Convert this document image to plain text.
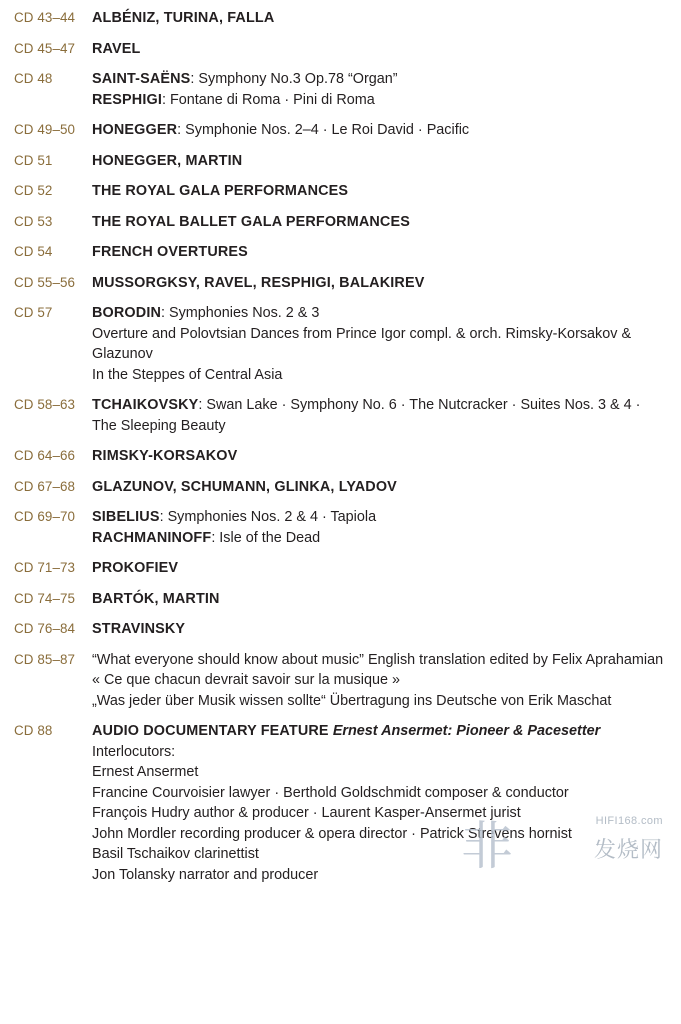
CD 43–44	ALBÉNIZ, TURINA, FALLA
CD 45–47	RAVEL
CD 48	SAINT-SAËNS: Symphony No.3 Op.78 “Organ”
RESPHIGI: Fontane di Roma · Pini di Roma
CD 49–50	HONEGGER: Symphonie Nos. 2–4 · Le Roi David · Pacific
CD 51	HONEGGER, MARTIN
CD 52	THE ROYAL GALA PERFORMANCES
CD 53	THE ROYAL BALLET GALA PERFORMANCES
CD 54	FRENCH OVERTURES
CD 55–56	MUSSORGKSY, RAVEL, RESPHIGI, BALAKIREV
CD 57	BORODIN: Symphonies Nos. 2 & 3
Overture and Polovtsian Dances from Prince Igor compl. & orch. Rimsky-Korsakov & Glazunov
In the Steppes of Central Asia
CD 58–63	TCHAIKOVSKY: Swan Lake · Symphony No. 6 · The Nutcracker · Suites Nos. 3 & 4 · The Sleeping Beauty
CD 64–66	RIMSKY-KORSAKOV
CD 67–68	GLAZUNOV, SCHUMANN, GLINKA, LYADOV
CD 69–70	SIBELIUS: Symphonies Nos. 2 & 4 · Tapiola
RACHMANINOFF: Isle of the Dead
CD 71–73	PROKOFIEV
CD 74–75	BARTÓK, MARTIN
CD 76–84	STRAVINSKY
CD 85–87	“What everyone should know about music” English translation edited by Felix Aprahamian
« Ce que chacun devrait savoir sur la musique »
„Was jeder über Musik wissen sollte“ Übertragung ins Deutsche von Erik Maschat
CD 88	AUDIO DOCUMENTARY FEATURE Ernest Ansermet: Pioneer & Pacesetter
Interlocutors:
Ernest Ansermet
Francine Courvoisier lawyer · Berthold Goldschmidt composer & conductor
François Hudry author & producer · Laurent Kasper-Ansermet jurist
John Mordler recording producer & opera director · Patrick Strevens hornist
Basil Tschaikov clarinettist
Jon Tolansky narrator and producer	非	HIFI168.com
发烧网
